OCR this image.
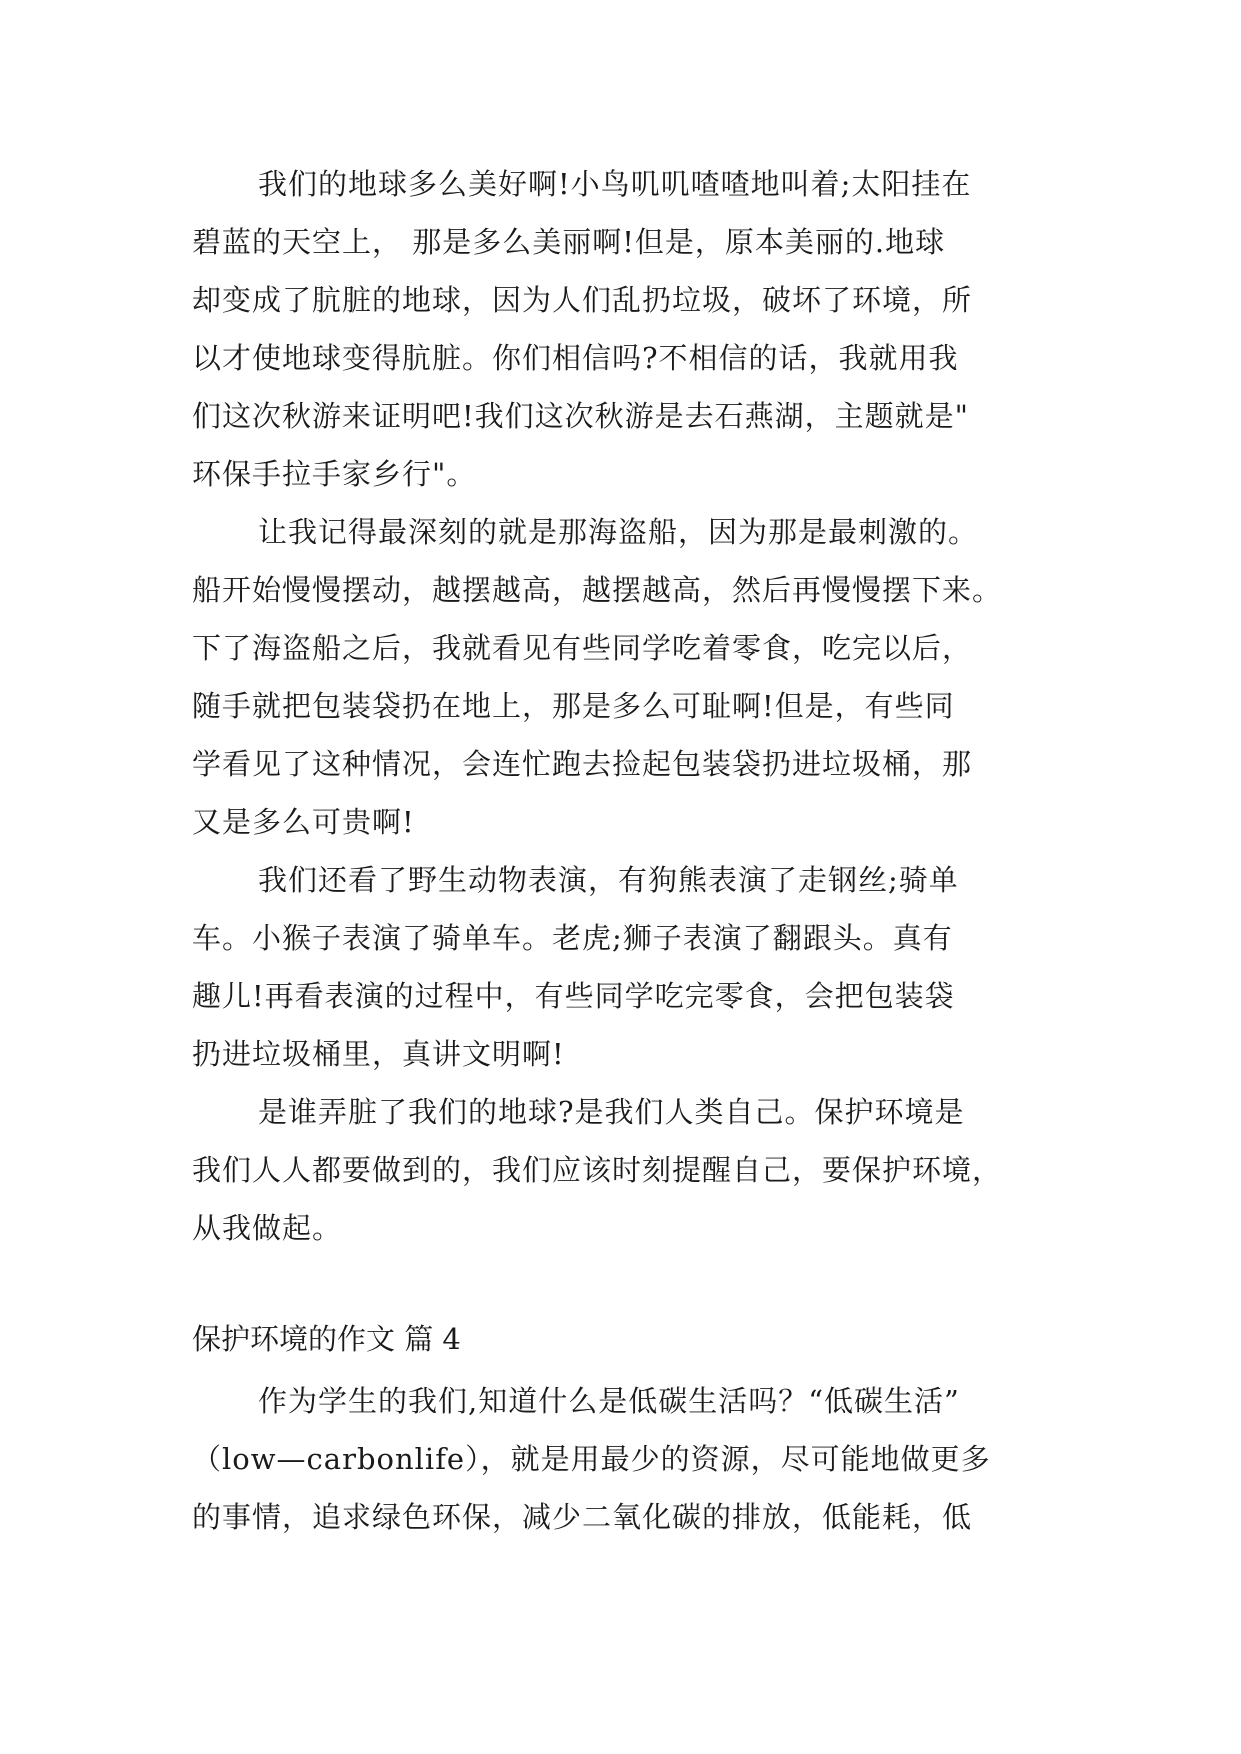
我们的地球多么美好啊!小鸟叽叽喳喳地叫着;太阳挂在
碧蓝的天空上， 那是多么美丽啊!但是，原本美丽的.地球
却变成了肮脏的地球，因为人们乱扔垃圾，破坏了环境，所
以才使地球变得肮脏。你们相信吗?不相信的话，我就用我
们这次秋游来证明吧!我们这次秋游是去石燕湖，主题就是"
环保手拉手家乡行"。
让我记得最深刻的就是那海盗船，因为那是最刺激的。
船开始慢慢摆动，越摆越高，越摆越高，然后再慢慢摆下来。
下了海盗船之后，我就看见有些同学吃着零食，吃完以后，
随手就把包装袋扔在地上，那是多么可耻啊!但是，有些同
学看见了这种情况，会连忙跑去捡起包装袋扔进垃圾桶，那
又是多么可贵啊!
我们还看了野生动物表演，有狗熊表演了走钢丝;骑单
车。小猴子表演了骑单车。老虎;狮子表演了翻跟头。真有
趣儿!再看表演的过程中，有些同学吃完零食，会把包装袋
扔进垃圾桶里，真讲文明啊!
是谁弄脏了我们的地球?是我们人类自己。保护环境是
我们人人都要做到的，我们应该时刻提醒自己，要保护环境，
从我做起。
保护环境的作文 篇 4
作为学生的我们,知道什么是低碳生活吗？“低碳生活”
（low—carbonlife），就是用最少的资源，尽可能地做更多
的事情，追求绿色环保，减少二氧化碳的排放，低能耗，低
